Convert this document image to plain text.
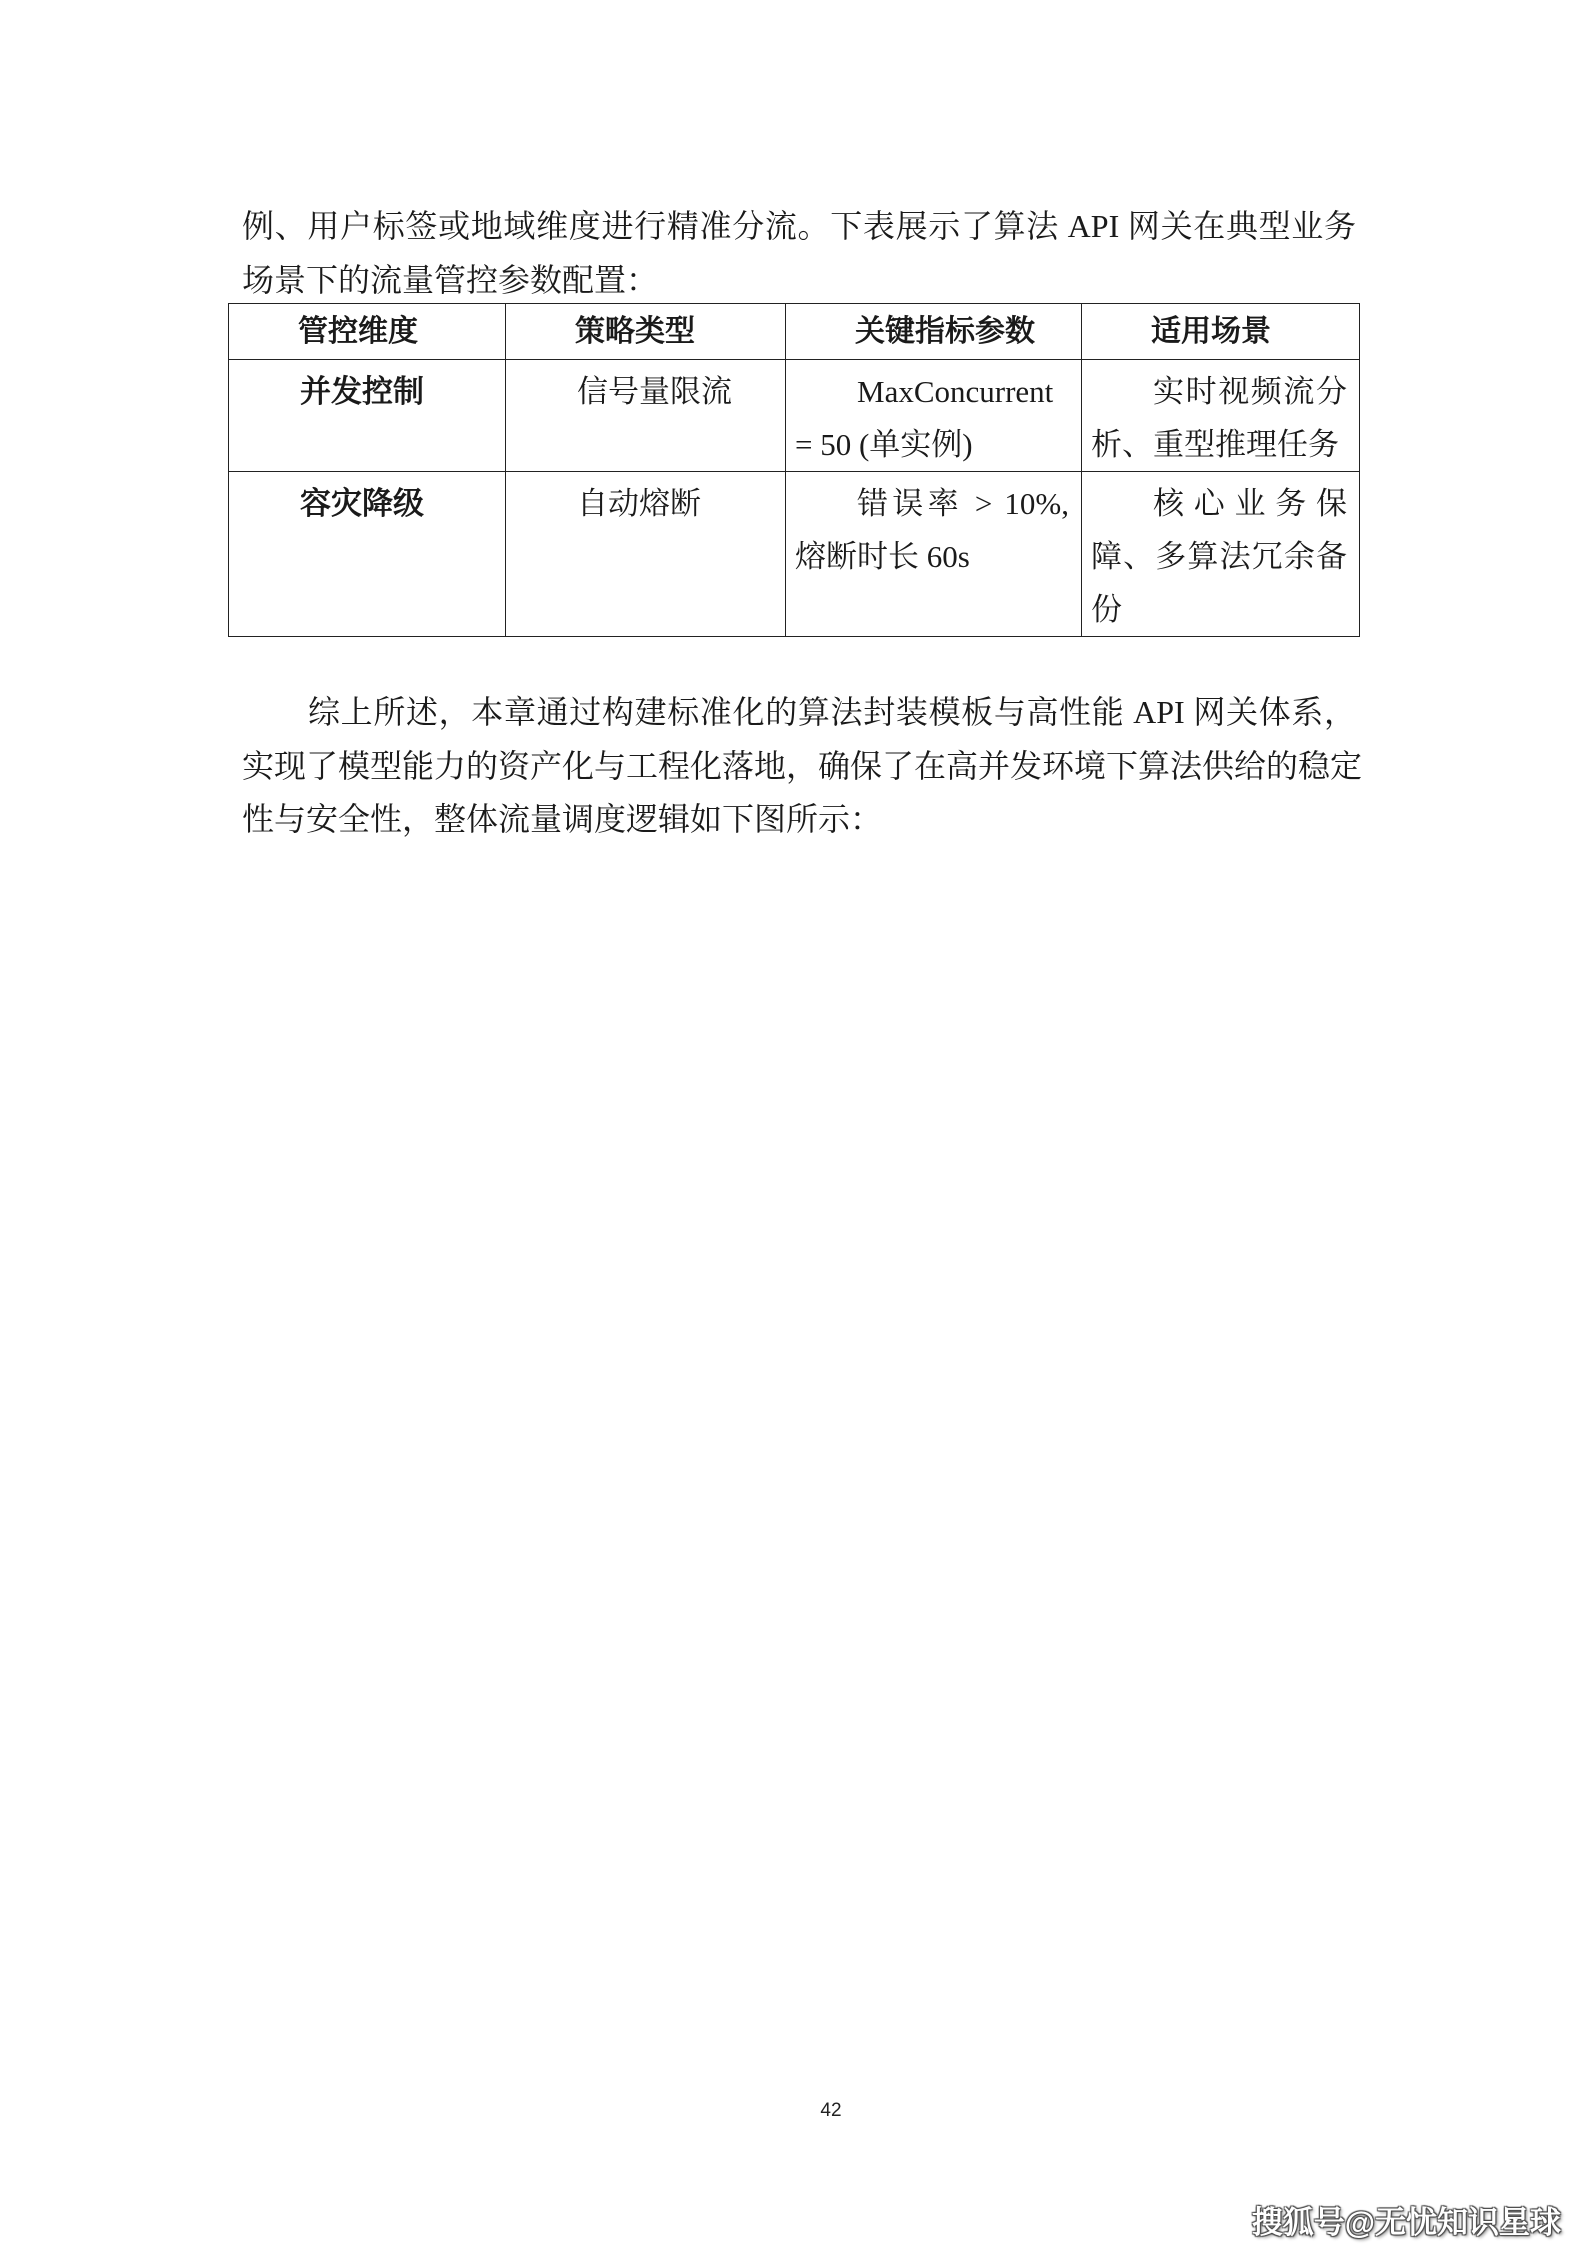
例、用户标签或地域维度进行精准分流。下表展示了算法 API 网关在典型业务
场景下的流量管控参数配置：
管控维度	策略类型	关键指标参数	适用场景
并发控制	信号量限流	MaxConcurrent = 50 (单实例)	实时视频流分析、重型推理任务
容灾降级	自动熔断	错误率 > 10%, 熔断时长 60s	核心业务保障、多算法冗余备份
综上所述，本章通过构建标准化的算法封装模板与高性能 API 网关体系，
实现了模型能力的资产化与工程化落地，确保了在高并发环境下算法供给的稳定
性与安全性，整体流量调度逻辑如下图所示：
42
搜狐号@无忧知识星球
